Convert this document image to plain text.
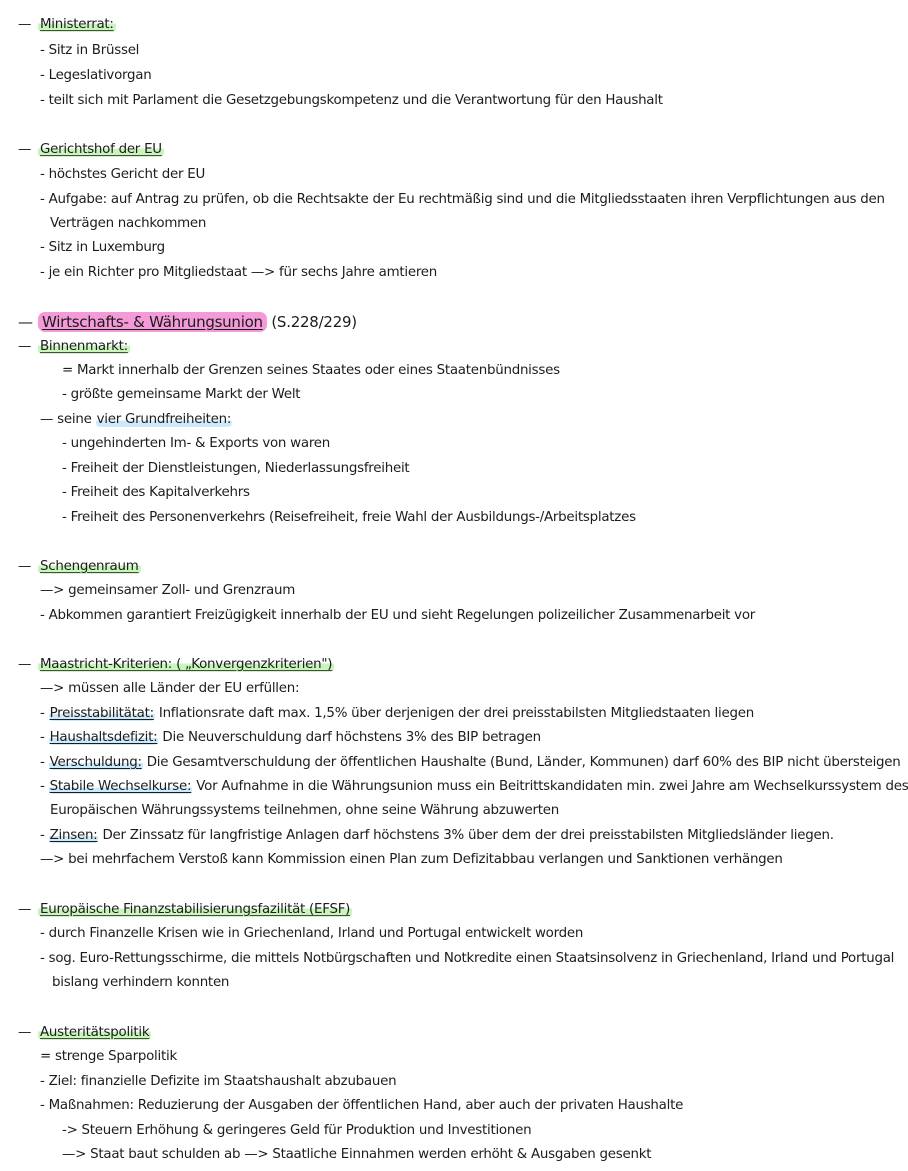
— Ministerrat:
- Sitz in Brüssel
- Legeslativorgan
- teilt sich mit Parlament die Gesetzgebungskompetenz und die Verantwortung für den Haushalt
— Gerichtshof der EU
- höchstes Gericht der EU
- Aufgabe: auf Antrag zu prüfen, ob die Rechtsakte der Eu rechtmäßig sind und die Mitgliedsstaaten ihren Verpflichtungen aus den
Verträgen nachkommen
- Sitz in Luxemburg
- je ein Richter pro Mitgliedstaat —> für sechs Jahre amtieren
— Wirtschafts- & Währungsunion (S.228/229)
— Binnenmarkt:
= Markt innerhalb der Grenzen seines Staates oder eines Staatenbündnisses
- größte gemeinsame Markt der Welt
— seine vier Grundfreiheiten:
- ungehinderten Im- & Exports von waren
- Freiheit der Dienstleistungen, Niederlassungsfreiheit
- Freiheit des Kapitalverkehrs
- Freiheit des Personenverkehrs (Reisefreiheit, freie Wahl der Ausbildungs-/Arbeitsplatzes
— Schengenraum
—> gemeinsamer Zoll- und Grenzraum
- Abkommen garantiert Freizügigkeit innerhalb der EU und sieht Regelungen polizeilicher Zusammenarbeit vor
— Maastricht-Kriterien: ( „Konvergenzkriterien")
—> müssen alle Länder der EU erfüllen:
- Preisstabilitätat: Inflationsrate daft max. 1,5% über derjenigen der drei preisstabilsten Mitgliedstaaten liegen
- Haushaltsdefizit: Die Neuverschuldung darf höchstens 3% des BIP betragen
- Verschuldung: Die Gesamtverschuldung der öffentlichen Haushalte (Bund, Länder, Kommunen) darf 60% des BIP nicht übersteigen
- Stabile Wechselkurse: Vor Aufnahme in die Währungsunion muss ein Beitrittskandidaten min. zwei Jahre am Wechselkurssystem des
Europäischen Währungssystems teilnehmen, ohne seine Währung abzuwerten
- Zinsen: Der Zinssatz für langfristige Anlagen darf höchstens 3% über dem der drei preisstabilsten Mitgliedsländer liegen.
—> bei mehrfachem Verstoß kann Kommission einen Plan zum Defizitabbau verlangen und Sanktionen verhängen
— Europäische Finanzstabilisierungsfazilität (EFSF)
- durch Finanzelle Krisen wie in Griechenland, Irland und Portugal entwickelt worden
- sog. Euro-Rettungsschirme, die mittels Notbürgschaften und Notkredite einen Staatsinsolvenz in Griechenland, Irland und Portugal
bislang verhindern konnten
— Austeritätspolitik
= strenge Sparpolitik
- Ziel: finanzielle Defizite im Staatshaushalt abzubauen
- Maßnahmen: Reduzierung der Ausgaben der öffentlichen Hand, aber auch der privaten Haushalte
-> Steuern Erhöhung & geringeres Geld für Produktion und Investitionen
—> Staat baut schulden ab —> Staatliche Einnahmen werden erhöht & Ausgaben gesenkt
